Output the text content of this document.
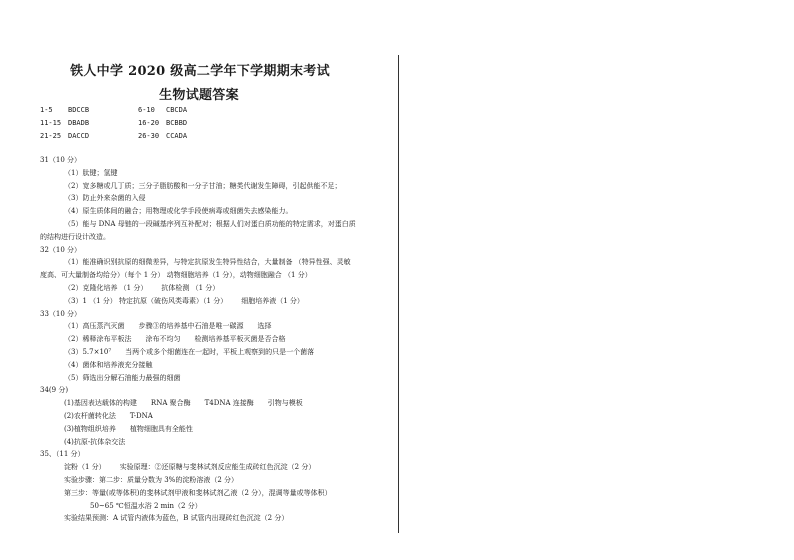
铁人中学 2020 级高二学年下学期期末考试
生物试题答案
1-5	BDCCB	6-10	CBCDA
11-15 DBADB	16-20 BCBBD
21-25 DACCD	26-30 CCADA
31（10 分）
（1）肽键；氢键
（2）宽多糖或几丁质；三分子脂肪酸和一分子甘油；糖类代谢发生障碍，引起供能不足；
（3）防止外来杂菌的入侵
（4）原生质体间的融合；用物理或化学手段使病毒或细菌失去感染能力。
（5）能与 DNA 母链的一段碱基序列互补配对；根据人们对蛋白质功能的特定需求，对蛋白质
的结构进行设计改造。
32（10 分）
（1）能准确识别抗原的细微差异，与特定抗原发生特异性结合，大量制备 （特异性强、灵敏
度高、可大量制备均给分）（每个 1 分） 动物细胞培养（1 分），动物细胞融合 （1 分）
（2）克隆化培养 （1 分） 抗体检测 （1 分）
（3）1 （1 分） 特定抗原（破伤风类毒素）（1 分） 细胞培养液（1 分）
33（10 分）
（1）高压蒸汽灭菌 步骤③的培养基中石油是唯一碳源 选择
（2）稀释涂布平板法 涂布不均匀 检测培养基平板灭菌是否合格
（3）5.7×10⁷ 当两个或多个细菌连在一起时，平板上观察到的只是一个菌落
（4）菌体和培养液充分接触
（5）筛选出分解石油能力最强的细菌
34(9 分)
(1)基因表达载体的构建 RNA 聚合酶 T4DNA 连接酶 引物与模板
(2)农杆菌转化法 T-DNA
(3)植物组织培养 植物细胞具有全能性
(4)抗原-抗体杂交法
35、（11 分）
淀粉（1 分） 实验原理：②还原糖与斐林试剂反应能生成砖红色沉淀（2 分）
实验步骤：第二步：质量分数为 3%的淀粉溶液（2 分）
第三步：等量(或等体积)的斐林试剂甲液和斐林试剂乙液（2 分），混调等量或等体积）
50~65 ℃恒温水浴 2 min（2 分）
实验结果预测：A 试管内液体为蓝色，B 试管内出现砖红色沉淀（2 分）
